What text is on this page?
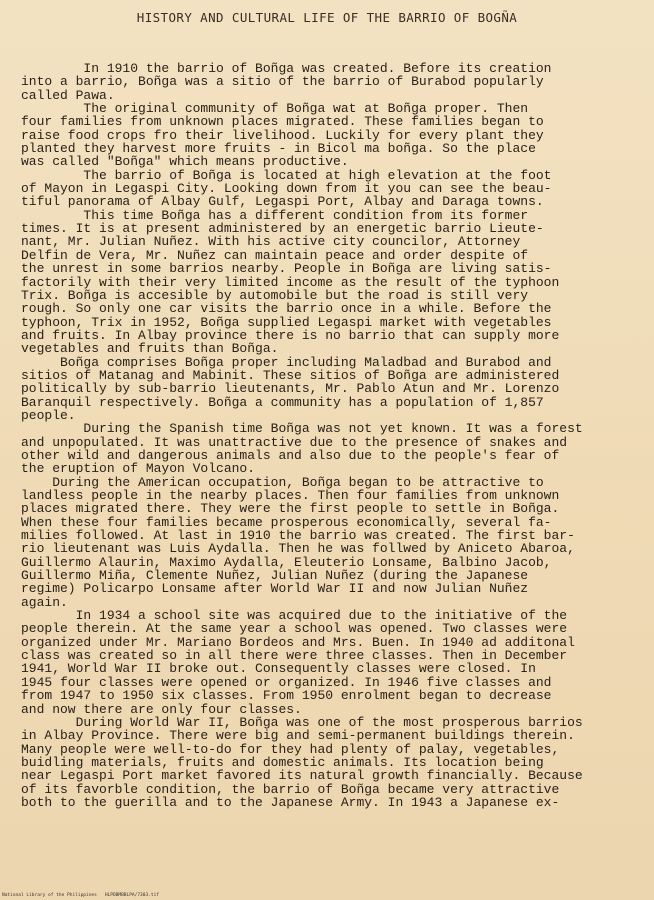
HISTORY AND CULTURAL LIFE OF THE BARRIO OF BOGÑA
In 1910 the barrio of Boñga was created. Before its creation
into a barrio, Boñga was a sitio of the barrio of Burabod popularly
called Pawa.
The original community of Boñga wat at Boñga proper. Then
four families from unknown places migrated. These families began to
raise food crops fro their livelihood. Luckily for every plant they
planted they harvest more fruits - in Bicol ma boñga. So the place
was called "Boñga" which means productive.
The barrio of Boñga is located at high elevation at the foot
of Mayon in Legaspi City. Looking down from it you can see the beau-
tiful panorama of Albay Gulf, Legaspi Port, Albay and Daraga towns.
This time Boñga has a different condition from its former
times. It is at present administered by an energetic barrio Lieute-
nant, Mr. Julian Nuñez. With his active city councilor, Attorney
Delfin de Vera, Mr. Nuñez can maintain peace and order despite of
the unrest in some barrios nearby. People in Boñga are living satis-
factorily with their very limited income as the result of the typhoon
Trix. Boñga is accesible by automobile but the road is still very
rough. So only one car visits the barrio once in a while. Before the
typhoon, Trix in 1952, Boñga supplied Legaspi market with vegetables
and fruits. In Albay province there is no barrio that can supply more
vegetables and fruits than Boñga.
Boñga comprises Boñga proper including Maladbad and Burabod and
sitios of Matanag and Mabinit. These sitios of Boñga are administered
politically by sub-barrio lieutenants, Mr. Pablo Atun and Mr. Lorenzo
Baranquil respectively. Boñga a community has a population of 1,857
people.
During the Spanish time Boñga was not yet known. It was a forest
and unpopulated. It was unattractive due to the presence of snakes and
other wild and dangerous animals and also due to the people's fear of
the eruption of Mayon Volcano.
During the American occupation, Boñga began to be attractive to
landless people in the nearby places. Then four families from unknown
places migrated there. They were the first people to settle in Boñga.
When these four families became prosperous economically, several fa-
milies followed. At last in 1910 the barrio was created. The first bar-
rio lieutenant was Luis Aydalla. Then he was follwed by Aniceto Abaroa,
Guillermo Alaurin, Maximo Aydalla, Eleuterio Lonsame, Balbino Jacob,
Guillermo Miña, Clemente Nuñez, Julian Nuñez (during the Japanese
regime) Policarpo Lonsame after World War II and now Julian Nuñez
again.
In 1934 a school site was acquired due to the initiative of the
people therein. At the same year a school was opened. Two classes were
organized under Mr. Mariano Bordeos and Mrs. Buen. In 1940 ad additonal
class was created so in all there were three classes. Then in December
1941, World War II broke out. Consequently classes were closed. In
1945 four classes were opened or organized. In 1946 five classes and
from 1947 to 1950 six classes. From 1950 enrolment began to decrease
and now there are only four classes.
During World War II, Boñga was one of the most prosperous barrios
in Albay Province. There were big and semi-permanent buildings therein.
Many people were well-to-do for they had plenty of palay, vegetables,
buidling materials, fruits and domestic animals. Its location being
near Legaspi Port market favored its natural growth financially. Because
of its favorble condition, the barrio of Boñga became very attractive
both to the guerilla and to the Japanese Army. In 1943 a Japanese ex-
National Library of the Philippines HLPDBMBBLPA/7303.tif
